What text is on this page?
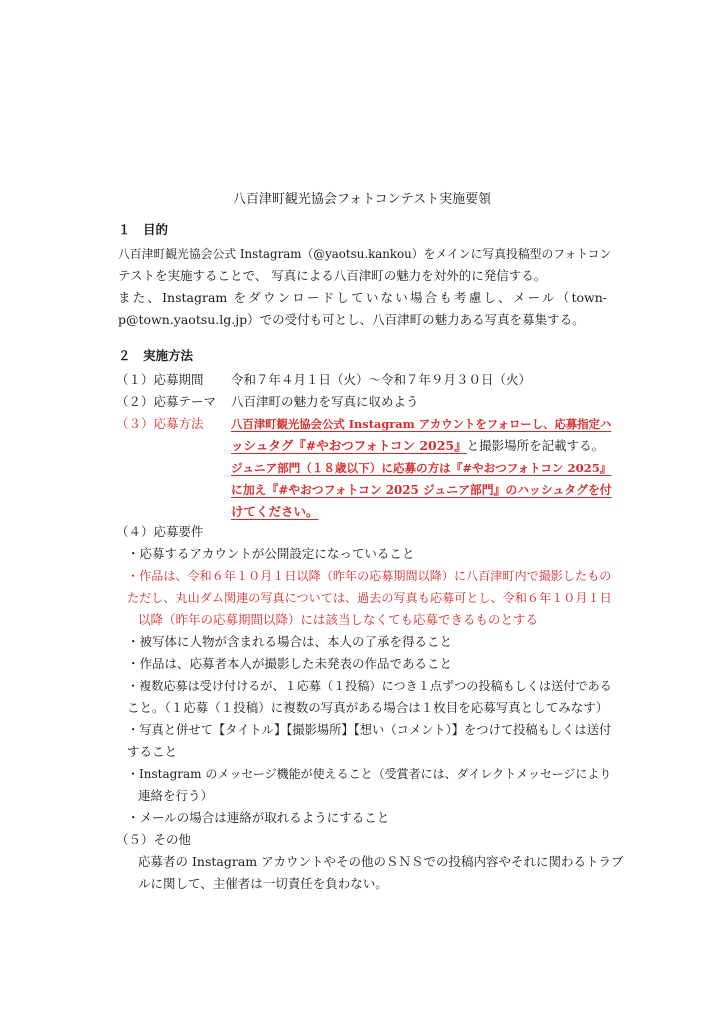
八百津町観光協会フォトコンテスト実施要領
１　目的
八百津町観光協会公式 Instagram（@yaotsu.kankou）をメインに写真投稿型のフォトコン
テストを実施することで、 写真による八百津町の魅力を対外的に発信する。
また、Instagram をダウンロードしていない場合も考慮し、メール（town-
p@town.yaotsu.lg.jp）での受付も可とし、八百津町の魅力ある写真を募集する。
２　実施方法
（１）応募期間 令和７年４月１日（火）～令和７年９月３０日（火）
（２）応募テーマ 八百津町の魅力を写真に収めよう
（３）応募方法 八百津町観光協会公式 Instagram アカウントをフォローし、応募指定ハ
ッシュタグ『#やおつフォトコン 2025』と撮影場所を記載する。
ジュニア部門（１８歳以下）に応募の方は『#やおつフォトコン 2025』
に加え『#やおつフォトコン 2025 ジュニア部門』のハッシュタグを付
けてください。
（４）応募要件
・応募するアカウントが公開設定になっていること
・作品は、令和６年１０月１日以降（昨年の応募期間以降）に八百津町内で撮影したもの
ただし、丸山ダム関連の写真については、過去の写真も応募可とし、令和６年１０月１日
以降（昨年の応募期間以降）には該当しなくても応募できるものとする
・被写体に人物が含まれる場合は、本人の了承を得ること
・作品は、応募者本人が撮影した未発表の作品であること
・複数応募は受け付けるが、１応募（１投稿）につき１点ずつの投稿もしくは送付である
こと。（１応募（１投稿）に複数の写真がある場合は１枚目を応募写真としてみなす）
・写真と併せて【タイトル】【撮影場所】【想い（コメント）】をつけて投稿もしくは送付
すること
・Instagram のメッセージ機能が使えること（受賞者には、ダイレクトメッセージにより
連絡を行う）
・メールの場合は連絡が取れるようにすること
（５）その他
応募者の Instagram アカウントやその他のＳＮＳでの投稿内容やそれに関わるトラブ
ルに関して、主催者は一切責任を負わない。
